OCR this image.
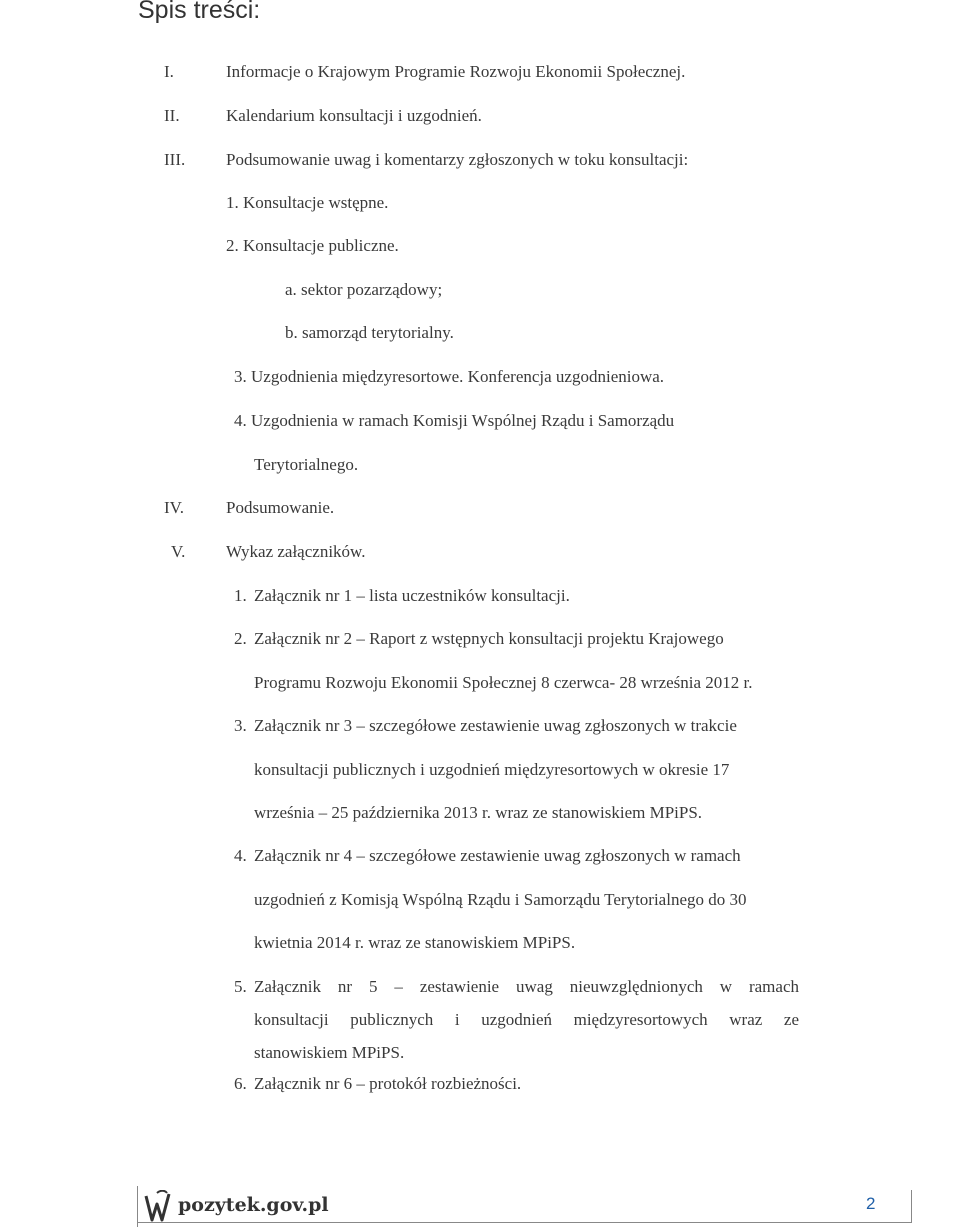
Spis treści:
I.	Informacje o Krajowym Programie Rozwoju Ekonomii Społecznej.
II.	Kalendarium konsultacji i uzgodnień.
III. Podsumowanie uwag i komentarzy zgłoszonych w toku konsultacji:
1. Konsultacje wstępne.
2. Konsultacje publiczne.
a. sektor pozarządowy;
b. samorząd terytorialny.
3. Uzgodnienia międzyresortowe. Konferencja uzgodnieniowa.
4. Uzgodnienia w ramach Komisji Wspólnej Rządu i Samorządu
Terytorialnego.
IV. Podsumowanie.
V. Wykaz załączników.
1. Załącznik nr 1 – lista uczestników konsultacji.
2. Załącznik nr 2 – Raport z wstępnych konsultacji projektu Krajowego
Programu Rozwoju Ekonomii Społecznej 8 czerwca- 28 września 2012 r.
3. Załącznik nr 3 – szczegółowe zestawienie uwag zgłoszonych w trakcie
konsultacji publicznych i uzgodnień międzyresortowych w okresie 17
września – 25 października 2013 r. wraz ze stanowiskiem MPiPS.
4. Załącznik nr 4 – szczegółowe zestawienie uwag zgłoszonych w ramach
uzgodnień z Komisją Wspólną Rządu i Samorządu Terytorialnego do 30
kwietnia 2014 r. wraz ze stanowiskiem MPiPS.
5. Załącznik nr 5 – zestawienie uwag nieuwzględnionych w ramach
konsultacji publicznych i uzgodnień międzyresortowych wraz ze
stanowiskiem MPiPS.
6. Załącznik nr 6 – protokół rozbieżności.
pozytek.gov.pl	2
